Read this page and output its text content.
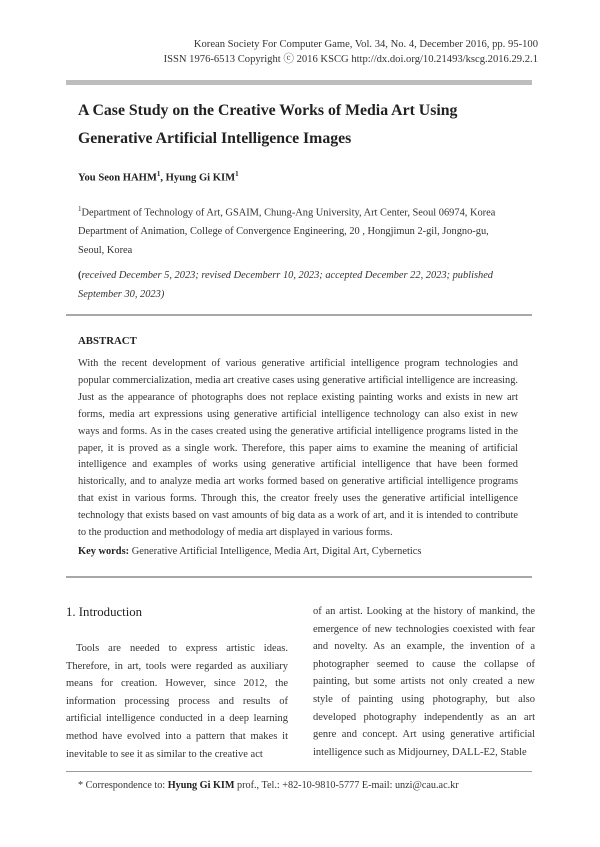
Korean Society For Computer Game, Vol. 34, No. 4, December 2016, pp. 95-100
ISSN 1976-6513 Copyright ⓒ 2016 KSCG http://dx.doi.org/10.21493/kscg.2016.29.2.1
A Case Study on the Creative Works of Media Art Using
Generative Artificial Intelligence Images
You Seon HAHM$^1$, Hyung Gi KIM$^1$
$^1$Department of Technology of Art, GSAIM, Chung-Ang University, Art Center, Seoul 06974, Korea
Department of Animation, College of Convergence Engineering, 20 , Hongjimun 2-gil, Jongno-gu,
Seoul, Korea
(received December 5, 2023; revised Decemberr 10, 2023; accepted December 22, 2023; published September 30, 2023)
ABSTRACT
With the recent development of various generative artificial intelligence program technologies and popular commercialization, media art creative cases using generative artificial intelligence are increasing. Just as the appearance of photographs does not replace existing painting works and exists in new art forms, media art expressions using generative artificial intelligence technology can also exist in new ways and forms. As in the cases created using the generative artificial intelligence programs listed in the paper, it is proved as a single work. Therefore, this paper aims to examine the meaning of artificial intelligence and examples of works using generative artificial intelligence that have been formed historically, and to analyze media art works formed based on generative artificial intelligence programs that exist in various forms. Through this, the creator freely uses the generative artificial intelligence technology that exists based on vast amounts of big data as a work of art, and it is intended to contribute to the production and methodology of media art displayed in various forms.
Key words: Generative Artificial Intelligence, Media Art, Digital Art, Cybernetics
1. Introduction
Tools are needed to express artistic ideas. Therefore, in art, tools were regarded as auxiliary means for creation. However, since 2012, the information processing process and results of artificial intelligence conducted in a deep learning method have evolved into a pattern that makes it inevitable to see it as similar to the creative act
of an artist. Looking at the history of mankind, the emergence of new technologies coexisted with fear and novelty. As an example, the invention of a photographer seemed to cause the collapse of painting, but some artists not only created a new style of painting using photography, but also developed photography independently as an art genre and concept. Art using generative artificial intelligence such as Midjourney, DALL-E2, Stable
* Correspondence to: Hyung Gi KIM prof., Tel.: +82-10-9810-5777 E-mail: unzi@cau.ac.kr
